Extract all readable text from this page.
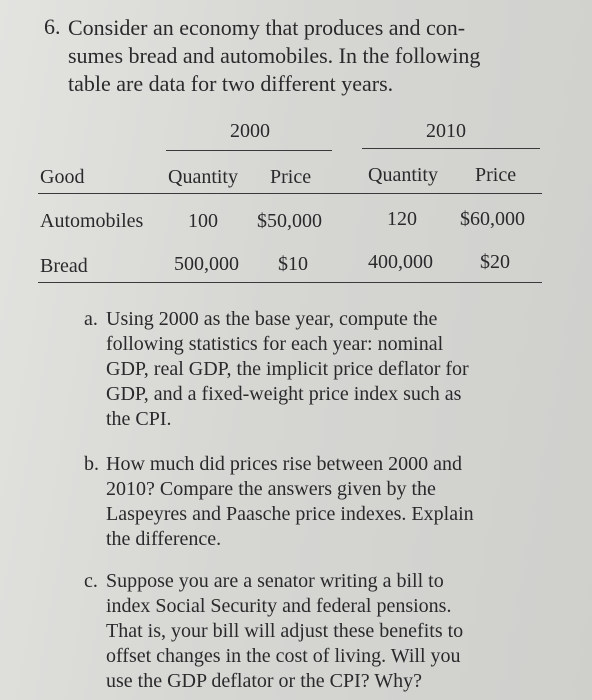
6. Consider an economy that produces and con-
sumes bread and automobiles. In the following
table are data for two different years.
2000	2010
Good	Quantity Price	Quantity Price
Automobiles 100 $50,000	120 $60,000
Bread	500,000 $10	400,000 $20
a. Using 2000 as the base year, compute the
following statistics for each year: nominal
GDP, real GDP, the implicit price deflator for
GDP, and a fixed-weight price index such as
the CPI.
b. How much did prices rise between 2000 and
2010? Compare the answers given by the
Laspeyres and Paasche price indexes. Explain
the difference.
c. Suppose you are a senator writing a bill to
index Social Security and federal pensions.
That is, your bill will adjust these benefits to
offset changes in the cost of living. Will you
use the GDP deflator or the CPI? Why?
